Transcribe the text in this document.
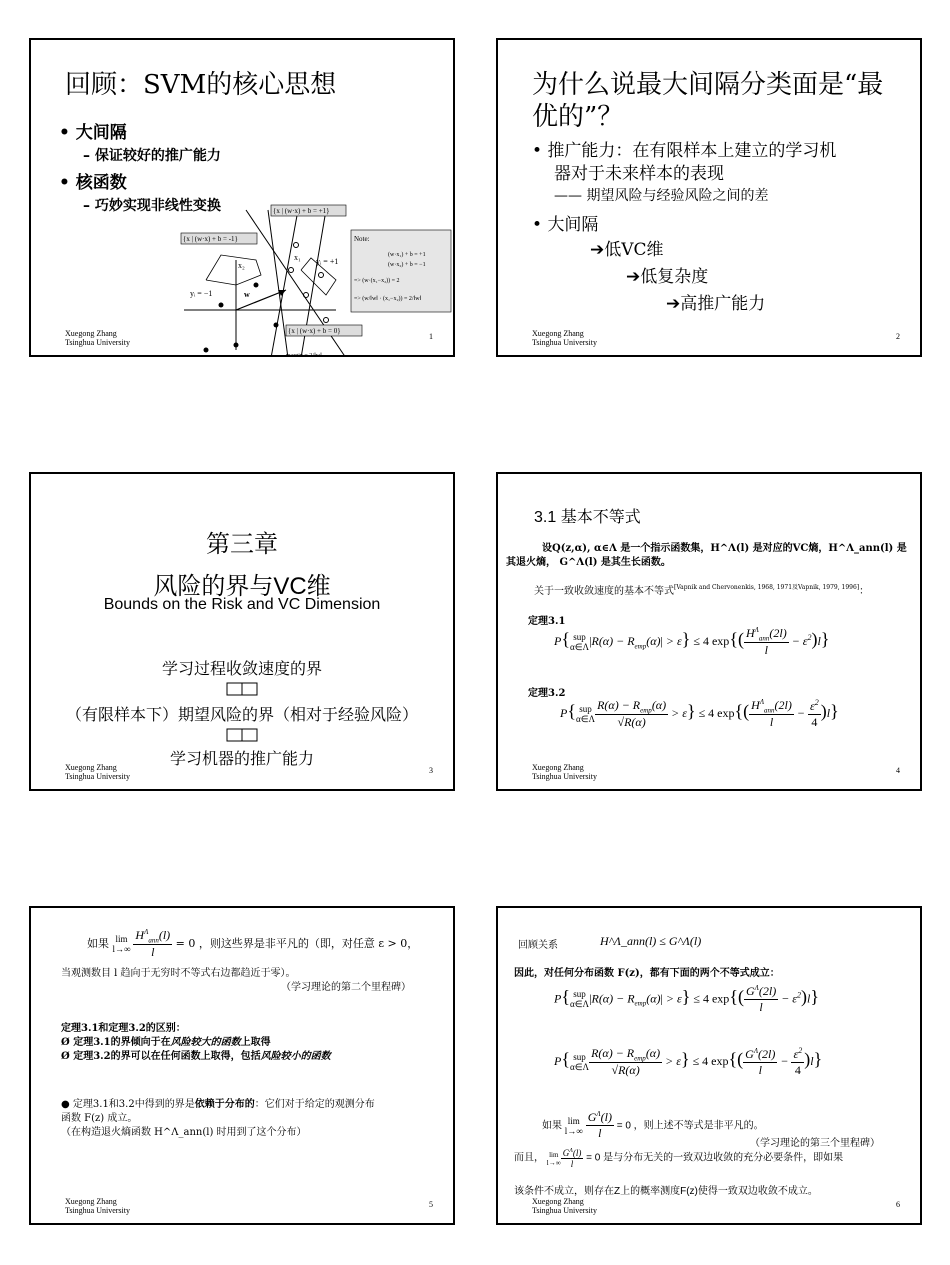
回顾：SVM的核心思想
• 大间隔
– 保证较好的推广能力
• 核函数
– 巧妙实现非线性变换
{x | (w·x) + b = -1}
{x | (w·x) + b = +1}
{x | (w·x) + b = 0}
x₂
x₁ yᵢ = +1
yᵢ = −1	w
margin = 2/‖w‖
Note:
(w·x₁) + b = +1
(w·x₂) + b = −1
=> (w·(x₁−x₂)) = 2
=> (w/‖w‖ · (x₁−x₂)) = 2/‖w‖
Xuegong Zhang
Tsinghua University
1
为什么说最大间隔分类面是“最
优的”？
• 推广能力：在有限样本上建立的学习机
器对于未来样本的表现
—— 期望风险与经验风险之间的差
• 大间隔
➔低VC维
➔低复杂度
➔高推广能力
Xuegong Zhang
Tsinghua University
2
第三章
风险的界与VC维
Bounds on the Risk and VC Dimension
学习过程收敛速度的界
（有限样本下）期望风险的界（相对于经验风险）
学习机器的推广能力
Xuegong Zhang
Tsinghua University
3
3.1 基本不等式
设Q(z,α), α∈Λ 是一个指示函数集，H^Λ(l) 是对应的VC熵，H^Λ_ann(l) 是
其退火熵， G^Λ(l) 是其生长函数。
关于一致收敛速度的基本不等式[Vapnik and Chervonenkis, 1968, 1971及Vapnik, 1979, 1996]：
定理3.1
P{ sup
α∈Λ $|R(\alpha) - R_{emp}(\alpha)| > \varepsilon\} \le 4$ $\exp\{( \frac{H^\Lambda_{ann}(2l)}{l} - \varepsilon^2)l\}$
定理3.2
P{ sup
α∈Λ $\frac{R(\alpha) - R_{emp}(\alpha)}{√R(\alpha)} > \varepsilon\} \le 4$ $\exp\{( \frac{H^\Lambda_{ann}(2l)}{l} - \frac{\varepsilon^2}{4} )l\}$
Xuegong Zhang
Tsinghua University
4
如果 lim
l→∞
$\frac{H^\Lambda_{ann}(l)}{l} = 0$ ，则这些界是非平凡的（即，对任意 ε > 0，
当观测数目 l 趋向于无穷时不等式右边都趋近于零）。
（学习理论的第二个里程碑）
定理3.1和定理3.2的区别：
Ø 定理3.1的界倾向于在风险较大的函数上取得
Ø 定理3.2的界可以在任何函数上取得，包括风险较小的函数
● 定理3.1和3.2中得到的界是依赖于分布的：它们对于给定的观测分布
函数 F(z) 成立。
（在构造退火熵函数 H^Λ_ann(l) 时用到了这个分布）
Xuegong Zhang
Tsinghua University
5
回顾关系	H^Λ_ann(l) ≤ G^Λ(l)
因此，对任何分布函数 F(z)，都有下面的两个不等式成立：
P{ sup
α∈Λ $|R(\alpha) - R_{emp}(\alpha)| > \varepsilon\} \le 4$ $\exp\{( \frac{G^\Lambda(2l)}{l} - \varepsilon^2)l\}$
P{ sup
α∈Λ $\frac{R(\alpha) - R_{emp}(\alpha)}{√R(\alpha)} > \varepsilon\} \le 4$ $\exp\{( \frac{G^\Lambda(2l)}{l} - \frac{\varepsilon^2}{4} )l\}$
如果 lim
l→∞
$\frac{G^\Lambda(l)}{l} = 0$ ，则上述不等式是非平凡的。
（学习理论的第三个里程碑）
而且， lim
$l\to\infty \frac{G^\Lambda(l)}{l} = 0$ 是与分布无关的一致双边收敛的充分必要条件，即如果
该条件不成立，则存在Z上的概率测度F(z)使得一致双边收敛不成立。
Xuegong Zhang
Tsinghua University
6
